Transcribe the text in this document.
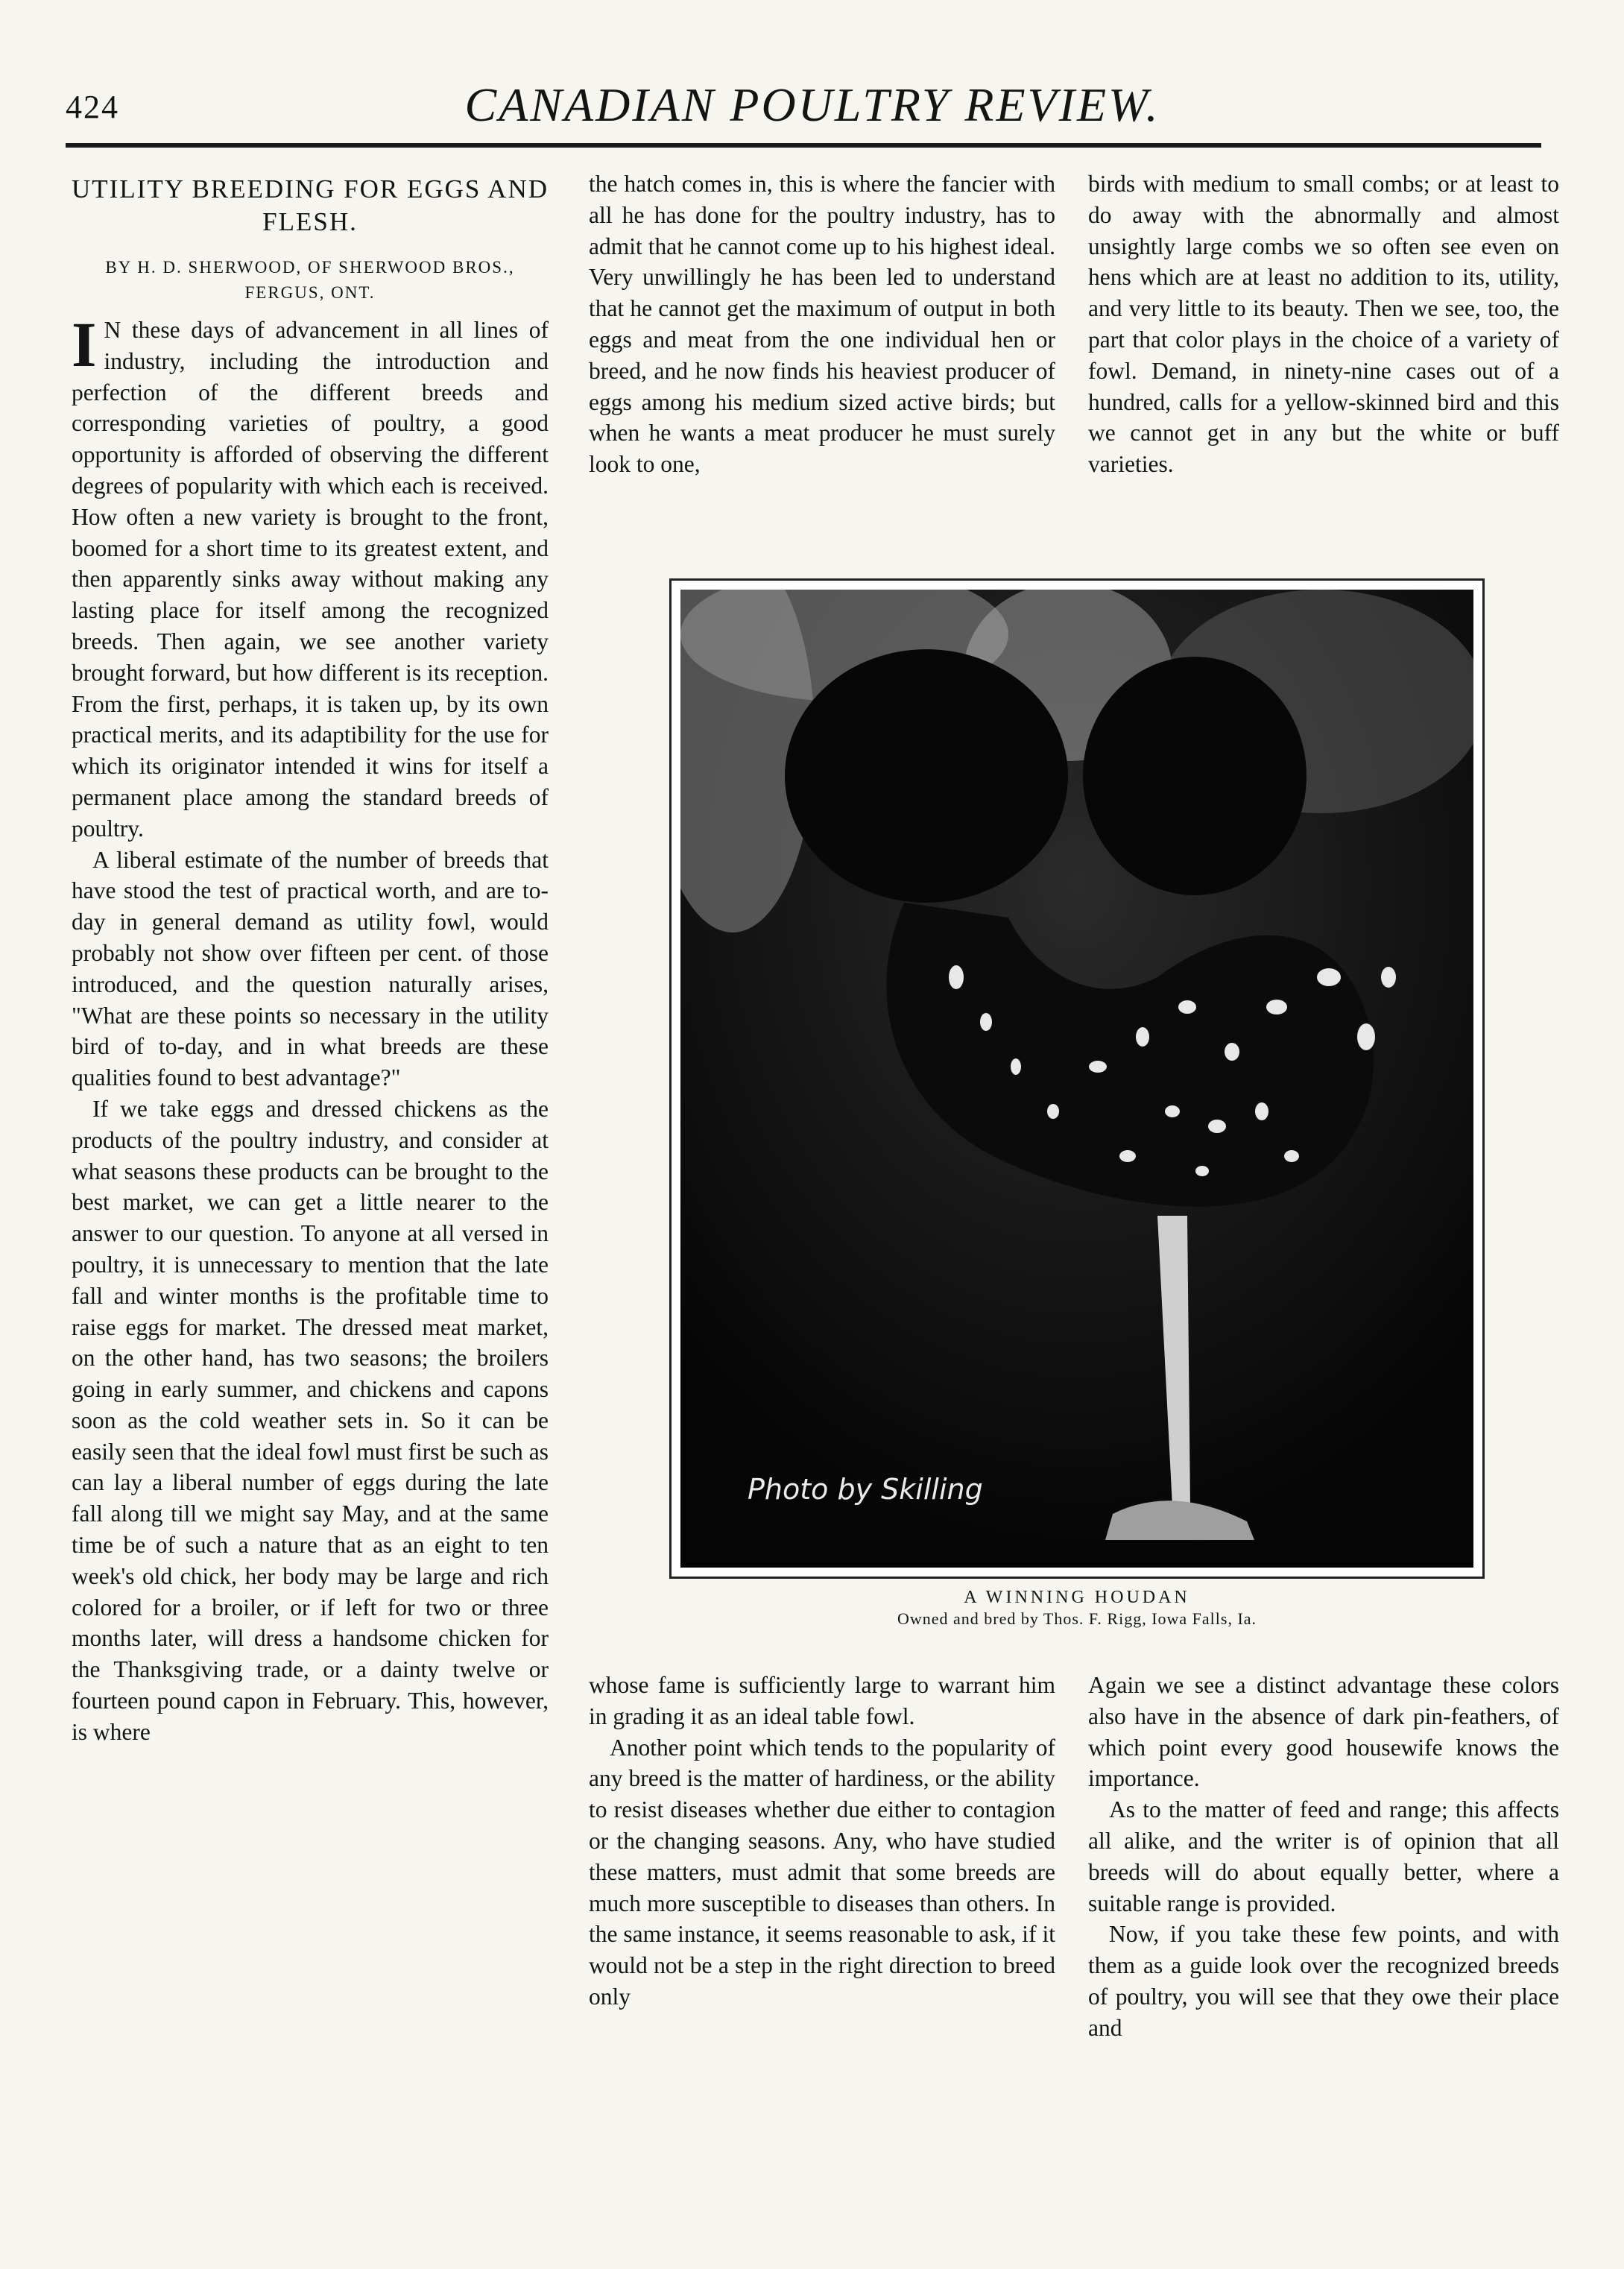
424	CANADIAN POULTRY REVIEW.
UTILITY BREEDING FOR EGGS AND FLESH.
BY H. D. SHERWOOD, OF SHERWOOD BROS., FERGUS, ONT.

I N these days of advancement in all lines of industry, including the introduction and perfection of the different breeds and corresponding varieties of poultry, a good opportunity is afforded of observing the different degrees of popularity with which each is received. How often a new variety is brought to the front, boomed for a short time to its greatest extent, and then apparently sinks away without making any lasting place for itself among the recognized breeds. Then again, we see another variety brought forward, but how different is its reception. From the first, perhaps, it is taken up, by its own practical merits, and its adaptibility for the use for which its originator intended it wins for itself a permanent place among the standard breeds of poultry.

A liberal estimate of the number of breeds that have stood the test of practical worth, and are to-day in general demand as utility fowl, would probably not show over fifteen per cent. of those introduced, and the question naturally arises, "What are these points so necessary in the utility bird of to-day, and in what breeds are these qualities found to best advantage?"

If we take eggs and dressed chickens as the products of the poultry industry, and consider at what seasons these products can be brought to the best market, we can get a little nearer to the answer to our question. To anyone at all versed in poultry, it is unnecessary to mention that the late fall and winter months is the profitable time to raise eggs for market. The dressed meat market, on the other hand, has two seasons; the broilers going in early summer, and chickens and capons soon as the cold weather sets in. So it can be easily seen that the ideal fowl must first be such as can lay a liberal number of eggs during the late fall along till we might say May, and at the same time be of such a nature that as an eight to ten week's old chick, her body may be large and rich colored for a broiler, or if left for two or three months later, will dress a handsome chicken for the Thanksgiving trade, or a dainty twelve or fourteen pound capon in February. This, however, is where

the hatch comes in, this is where the fancier with all he has done for the poultry industry, has to admit that he cannot come up to his highest ideal. Very unwillingly he has been led to understand that he cannot get the maximum of output in both eggs and meat from the one individual hen or breed, and he now finds his heaviest producer of eggs among his medium sized active birds; but when he wants a meat producer he must surely look to one,

birds with medium to small combs; or at least to do away with the abnormally and almost unsightly large combs we so often see even on hens which are at least no addition to its, utility, and very little to its beauty. Then we see, too, the part that color plays in the choice of a variety of fowl. Demand, in ninety-nine cases out of a hundred, calls for a yellow-skinned bird and this we cannot get in any but the white or buff varieties.

Photo by Skilling
A WINNING HOUDAN
Owned and bred by Thos. F. Rigg, Iowa Falls, Ia.

whose fame is sufficiently large to warrant him in grading it as an ideal table fowl.

Another point which tends to the popularity of any breed is the matter of hardiness, or the ability to resist diseases whether due either to contagion or the changing seasons. Any, who have studied these matters, must admit that some breeds are much more susceptible to diseases than others. In the same instance, it seems reasonable to ask, if it would not be a step in the right direction to breed only

Again we see a distinct advantage these colors also have in the absence of dark pin-feathers, of which point every good housewife knows the importance.

As to the matter of feed and range; this affects all alike, and the writer is of opinion that all breeds will do about equally better, where a suitable range is provided.

Now, if you take these few points, and with them as a guide look over the recognized breeds of poultry, you will see that they owe their place and
